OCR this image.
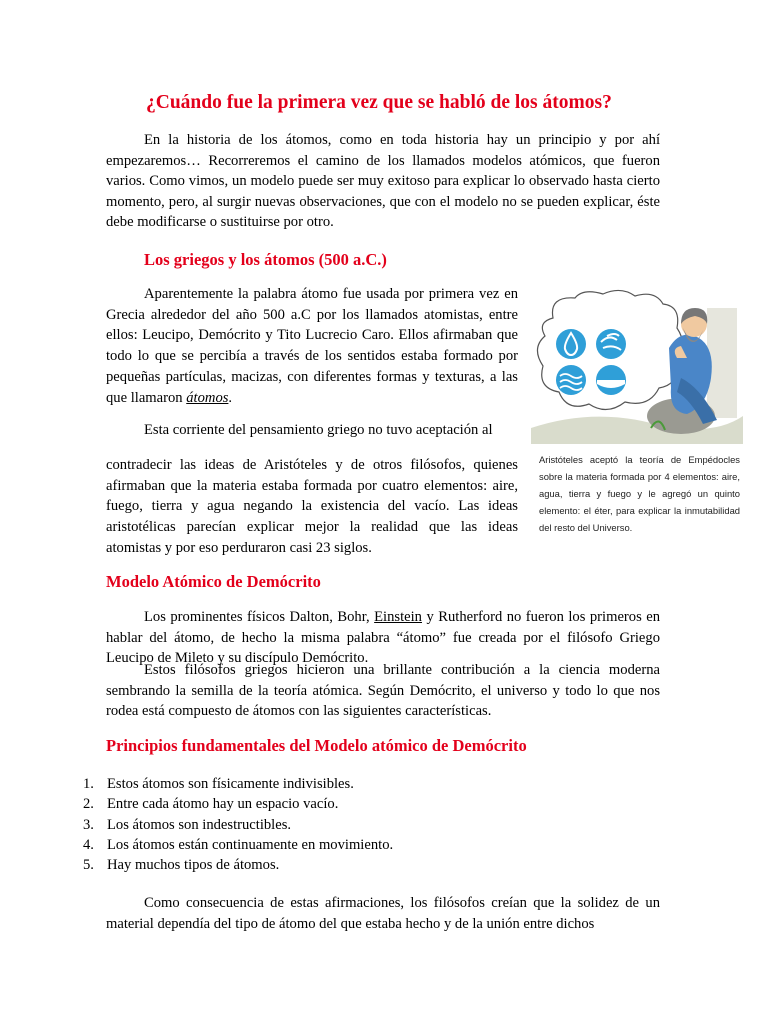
¿Cuándo fue la primera vez que se habló de los átomos?
En la historia de los átomos, como en toda historia hay un principio y por ahí empezaremos… Recorreremos el camino de los llamados modelos atómicos, que fueron varios. Como vimos, un modelo puede ser muy exitoso para explicar lo observado hasta cierto momento, pero, al surgir nuevas observaciones, que con el modelo no se pueden explicar, éste debe modificarse o sustituirse por otro.
Los griegos y los átomos (500 a.C.)
Aparentemente la palabra átomo fue usada por primera vez en Grecia alrededor del año 500 a.C por los llamados atomistas, entre ellos: Leucipo, Demócrito y Tito Lucrecio Caro. Ellos afirmaban que todo lo que se percibía a través de los sentidos estaba formado por pequeñas partículas, macizas, con diferentes formas y texturas, a las que llamaron átomos.
Esta corriente del pensamiento griego no tuvo aceptación al
contradecir las ideas de Aristóteles y de otros filósofos, quienes afirmaban que la materia estaba formada por cuatro elementos: aire, fuego, tierra y agua negando la existencia del vacío. Las ideas aristotélicas parecían explicar mejor la realidad que las ideas atomistas y por eso perduraron casi 23 siglos.
Aristóteles aceptó la teoría de Empédocles sobre la materia formada por 4 elementos: aire, agua, tierra y fuego y le agregó un quinto elemento: el éter, para explicar la inmutabilidad del resto del Universo.
Modelo Atómico de Demócrito
Los prominentes físicos Dalton, Bohr, Einstein y Rutherford no fueron los primeros en hablar del átomo, de hecho la misma palabra “átomo” fue creada por el filósofo Griego Leucipo de Mileto y su discípulo Demócrito.
Estos filósofos griegos hicieron una brillante contribución a la ciencia moderna sembrando la semilla de la teoría atómica. Según Demócrito, el universo y todo lo que nos rodea está compuesto de átomos con las siguientes características.
Principios fundamentales del Modelo atómico de Demócrito
1. Estos átomos son físicamente indivisibles.
2. Entre cada átomo hay un espacio vacío.
3. Los átomos son indestructibles.
4. Los átomos están continuamente en movimiento.
5. Hay muchos tipos de átomos.
Como consecuencia de estas afirmaciones, los filósofos creían que la solidez de un material dependía del tipo de átomo del que estaba hecho y de la unión entre dichos
